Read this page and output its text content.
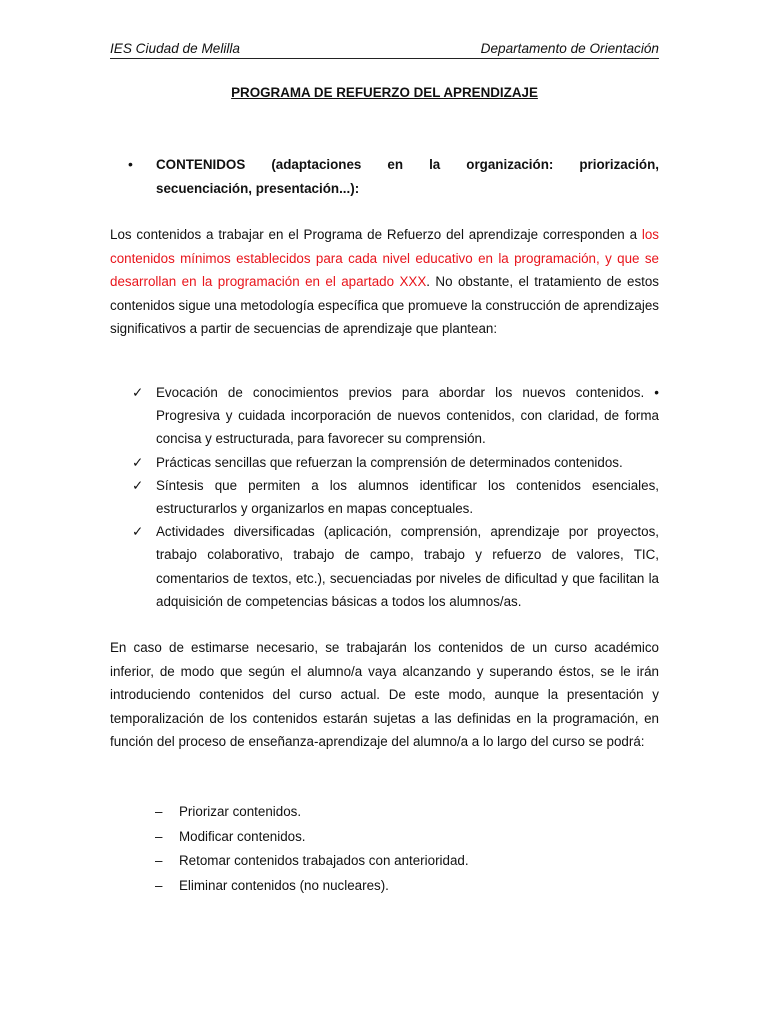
IES Ciudad de Melilla	Departamento de Orientación
PROGRAMA DE REFUERZO DEL APRENDIZAJE
•	CONTENIDOS (adaptaciones en la organización: priorización,
secuenciación, presentación...):

Los contenidos a trabajar en el Programa de Refuerzo del aprendizaje corresponden a los contenidos mínimos establecidos para cada nivel educativo en la programación, y que se desarrollan en la programación en el apartado XXX. No obstante, el tratamiento de estos contenidos sigue una metodología específica que promueve la construcción de aprendizajes significativos a partir de secuencias de aprendizaje que plantean:

✓ Evocación de conocimientos previos para abordar los nuevos contenidos. • Progresiva y cuidada incorporación de nuevos contenidos, con claridad, de forma concisa y estructurada, para favorecer su comprensión.
✓ Prácticas sencillas que refuerzan la comprensión de determinados contenidos.
✓ Síntesis que permiten a los alumnos identificar los contenidos esenciales, estructurarlos y organizarlos en mapas conceptuales.
✓ Actividades diversificadas (aplicación, comprensión, aprendizaje por proyectos, trabajo colaborativo, trabajo de campo, trabajo y refuerzo de valores, TIC, comentarios de textos, etc.), secuenciadas por niveles de dificultad y que facilitan la adquisición de competencias básicas a todos los alumnos/as.

En caso de estimarse necesario, se trabajarán los contenidos de un curso académico inferior, de modo que según el alumno/a vaya alcanzando y superando éstos, se le irán introduciendo contenidos del curso actual. De este modo, aunque la presentación y temporalización de los contenidos estarán sujetas a las definidas en la programación, en función del proceso de enseñanza-aprendizaje del alumno/a a lo largo del curso se podrá:

–	Priorizar contenidos.
–	Modificar contenidos.
–	Retomar contenidos trabajados con anterioridad.
–	Eliminar contenidos (no nucleares).
